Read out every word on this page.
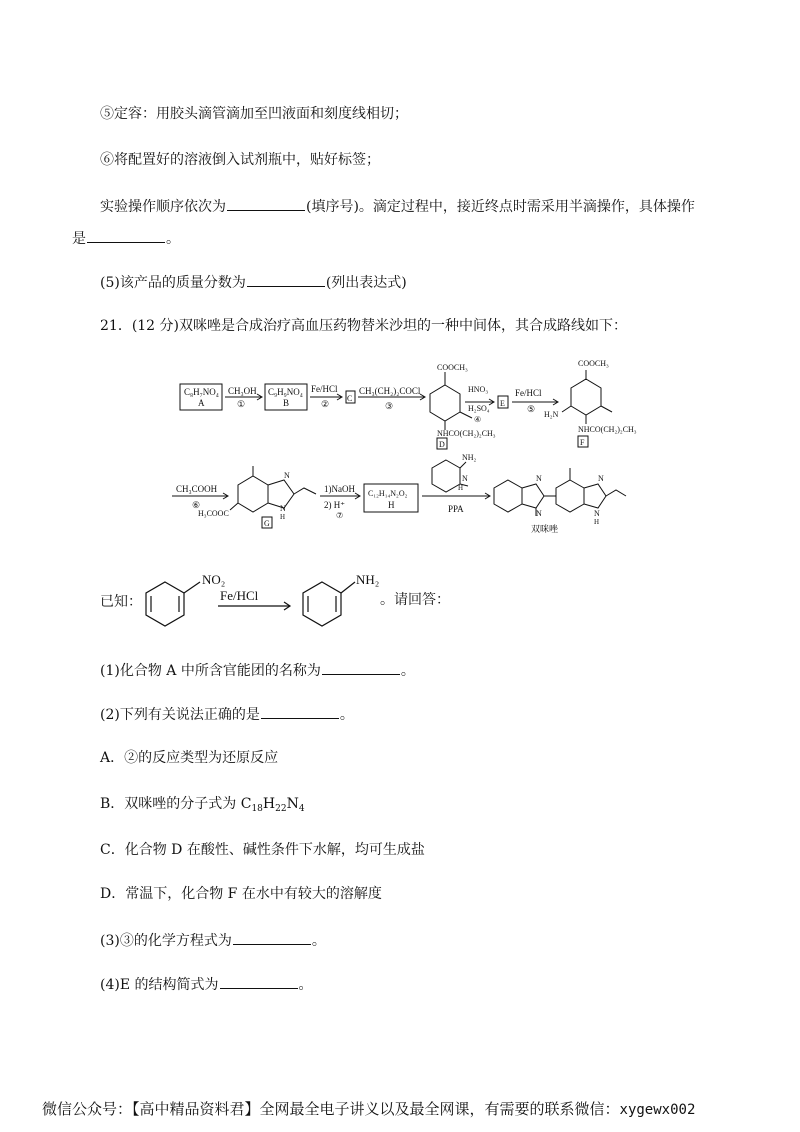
⑤定容：用胶头滴管滴加至凹液面和刻度线相切；
⑥将配置好的溶液倒入试剂瓶中，贴好标签；
实验操作顺序依次为	(填序号)。滴定过程中，接近终点时需采用半滴操作，具体操作
是	。
(5)该产品的质量分数为	(列出表达式)
21．(12 分)双咪唑是合成治疗高血压药物替米沙坦的一种中间体，其合成路线如下：
C₈H₇NO₄
A
CH₃OH
①
C₉H₉NO₄
B
Fe/HCl
②
C
CH₃(CH₂)₂COCl
③
COOCH₃
NHCO(CH₂)₂CH₃
D
HNO₃
H₂SO₄
④
E
Fe/HCl
⑤
COOCH₃
H₂N
NHCO(CH₂)₂CH₃
F
CH₃COOH
⑥
H₃COOC
N
N
H
G
1)NaOH
2) H⁺
⑦
C₁₂H₁₄N₂O₂
H
NH₂
N
H
PPA
N
N
N
N
H
双咪唑
已知：
NO₂
Fe/HCl
NH₂
。请回答：
(1)化合物 A 中所含官能团的名称为	。
(2)下列有关说法正确的是	。
A．②的反应类型为还原反应
B．双咪唑的分子式为 $C_{18}H_{22}N_4$
C．化合物 D 在酸性、碱性条件下水解，均可生成盐
D．常温下，化合物 F 在水中有较大的溶解度
(3)③的化学方程式为	。
(4)E 的结构简式为	。
微信公众号：【高中精品资料君】全网最全电子讲义以及最全网课，有需要的联系微信：xygewx002
